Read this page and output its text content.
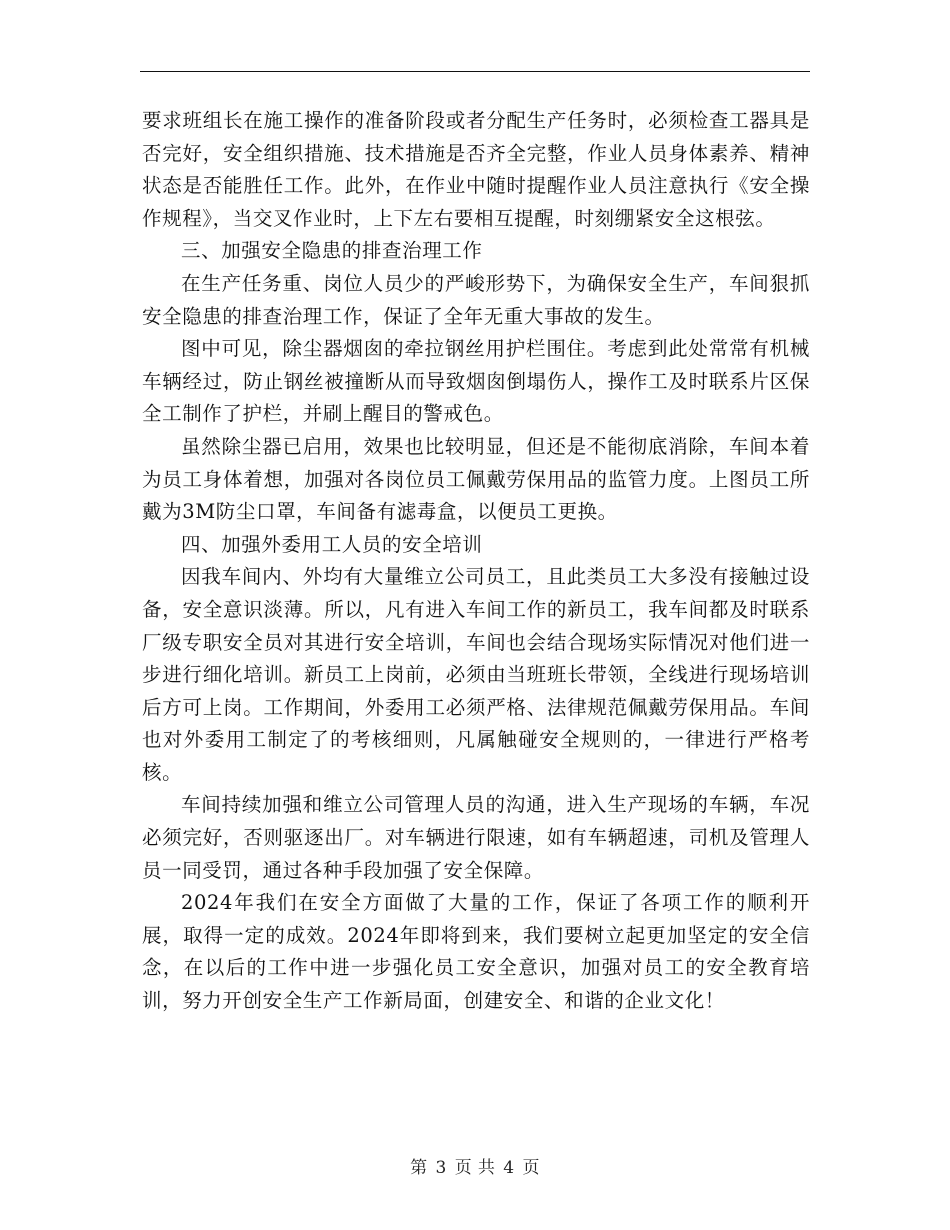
要求班组长在施工操作的准备阶段或者分配生产任务时，必须检查工器具是否完好，安全组织措施、技术措施是否齐全完整，作业人员身体素养、精神状态是否能胜任工作。此外，在作业中随时提醒作业人员注意执行《安全操作规程》，当交叉作业时，上下左右要相互提醒，时刻绷紧安全这根弦。

三、加强安全隐患的排查治理工作

在生产任务重、岗位人员少的严峻形势下，为确保安全生产，车间狠抓安全隐患的排查治理工作，保证了全年无重大事故的发生。

图中可见，除尘器烟囱的牵拉钢丝用护栏围住。考虑到此处常常有机械车辆经过，防止钢丝被撞断从而导致烟囱倒塌伤人，操作工及时联系片区保全工制作了护栏，并刷上醒目的警戒色。

虽然除尘器已启用，效果也比较明显，但还是不能彻底消除，车间本着为员工身体着想，加强对各岗位员工佩戴劳保用品的监管力度。上图员工所戴为3M防尘口罩，车间备有滤毒盒，以便员工更换。

四、加强外委用工人员的安全培训

因我车间内、外均有大量维立公司员工，且此类员工大多没有接触过设备，安全意识淡薄。所以，凡有进入车间工作的新员工，我车间都及时联系厂级专职安全员对其进行安全培训，车间也会结合现场实际情况对他们进一步进行细化培训。新员工上岗前，必须由当班班长带领，全线进行现场培训后方可上岗。工作期间，外委用工必须严格、法律规范佩戴劳保用品。车间也对外委用工制定了的考核细则，凡属触碰安全规则的，一律进行严格考核。

车间持续加强和维立公司管理人员的沟通，进入生产现场的车辆，车况必须完好，否则驱逐出厂。对车辆进行限速，如有车辆超速，司机及管理人员一同受罚，通过各种手段加强了安全保障。

2024年我们在安全方面做了大量的工作，保证了各项工作的顺利开展，取得一定的成效。2024年即将到来，我们要树立起更加坚定的安全信念，在以后的工作中进一步强化员工安全意识，加强对员工的安全教育培训，努力开创安全生产工作新局面，创建安全、和谐的企业文化！

第 3 页 共 4 页
